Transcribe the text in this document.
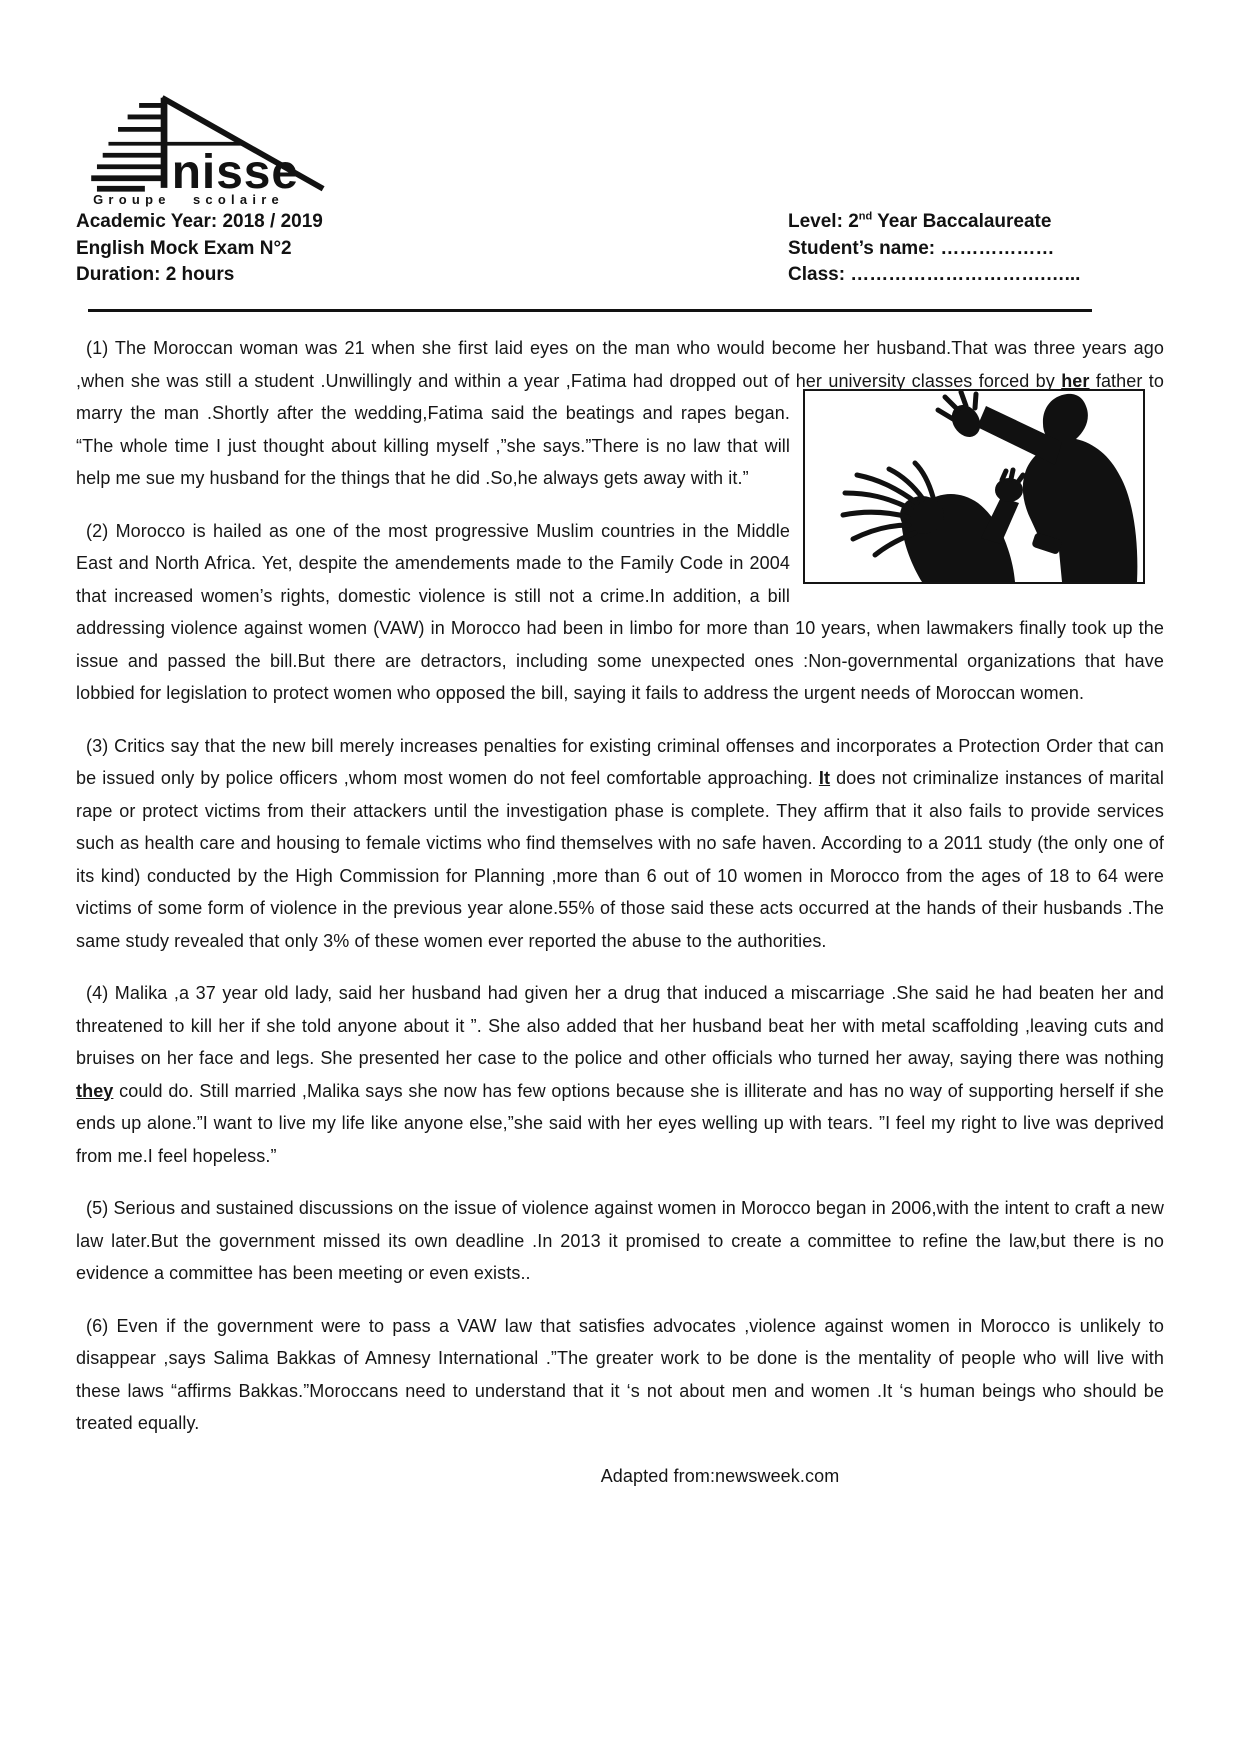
nisse
Groupe scolaire
Academic Year: 2018 / 2019
English Mock Exam N°2
Duration: 2 hours
Level: 2nd Year Baccalaureate
Student’s name: ………………
Class: ………………………….…...

(1) The Moroccan woman was 21 when she first laid eyes on the man who would become her husband.That was three years ago ,when she was still a student .Unwillingly and within a year ,Fatima had dropped out of her university classes forced by her father to marry the man .Shortly after the wedding,Fatima said the beatings and
rapes began. “The whole time I just thought about killing myself ,”she says.”There is no law that will help me sue my husband for the things that he did .So,he always gets away with it.”

(2) Morocco is hailed as one of the most progressive Muslim countries in the Middle East and North Africa. Yet, despite the amendements made to the Family Code in 2004 that increased women’s rights, domestic violence is still not a crime.In addition, a bill addressing violence against women (VAW) in Morocco had been in limbo for more than 10 years, when lawmakers finally took up the issue and passed the bill.But there are detractors, including some unexpected ones :Non-governmental organizations that have lobbied for legislation to protect women who opposed the bill, saying it fails to address the urgent needs of Moroccan women.

(3) Critics say that the new bill merely increases penalties for existing criminal offenses and incorporates a Protection Order that can be issued only by police officers ,whom most women do not feel comfortable approaching. It does not criminalize instances of marital rape or protect victims from their attackers until the investigation phase is complete. They affirm that it also fails to provide services such as health care and housing to female victims who find themselves with no safe haven. According to a 2011 study (the only one of its kind) conducted by the High Commission for Planning ,more than 6 out of 10 women in Morocco from the ages of 18 to 64 were victims of some form of violence in the previous year alone.55% of those said these acts occurred at the hands of their husbands .The same study revealed that only 3% of these women ever reported the abuse to the authorities.

(4) Malika ,a 37 year old lady, said her husband had given her a drug that induced a miscarriage .She said he had beaten her and threatened to kill her if she told anyone about it ”. She also added that her husband beat her with metal scaffolding ,leaving cuts and bruises on her face and legs. She presented her case to the police and other officials who turned her away, saying there was nothing they could do. Still married ,Malika says she now has few options because she is illiterate and has no way of supporting herself if she ends up alone.”I want to live my life like anyone else,”she said with her eyes welling up with tears. ”I feel my right to live was deprived from me.I feel hopeless.”

(5) Serious and sustained discussions on the issue of violence against women in Morocco began in 2006,with the intent to craft a new law later.But the government missed its own deadline .In 2013 it promised to create a committee to refine the law,but there is no evidence a committee has been meeting or even exists..

(6) Even if the government were to pass a VAW law that satisfies advocates ,violence against women in Morocco is unlikely to disappear ,says Salima Bakkas of Amnesy International .”The greater work to be done is the mentality of people who will live with these laws “affirms Bakkas.”Moroccans need to understand that it ‘s not about men and women .It ‘s human beings who should be treated equally.

Adapted from:newsweek.com
